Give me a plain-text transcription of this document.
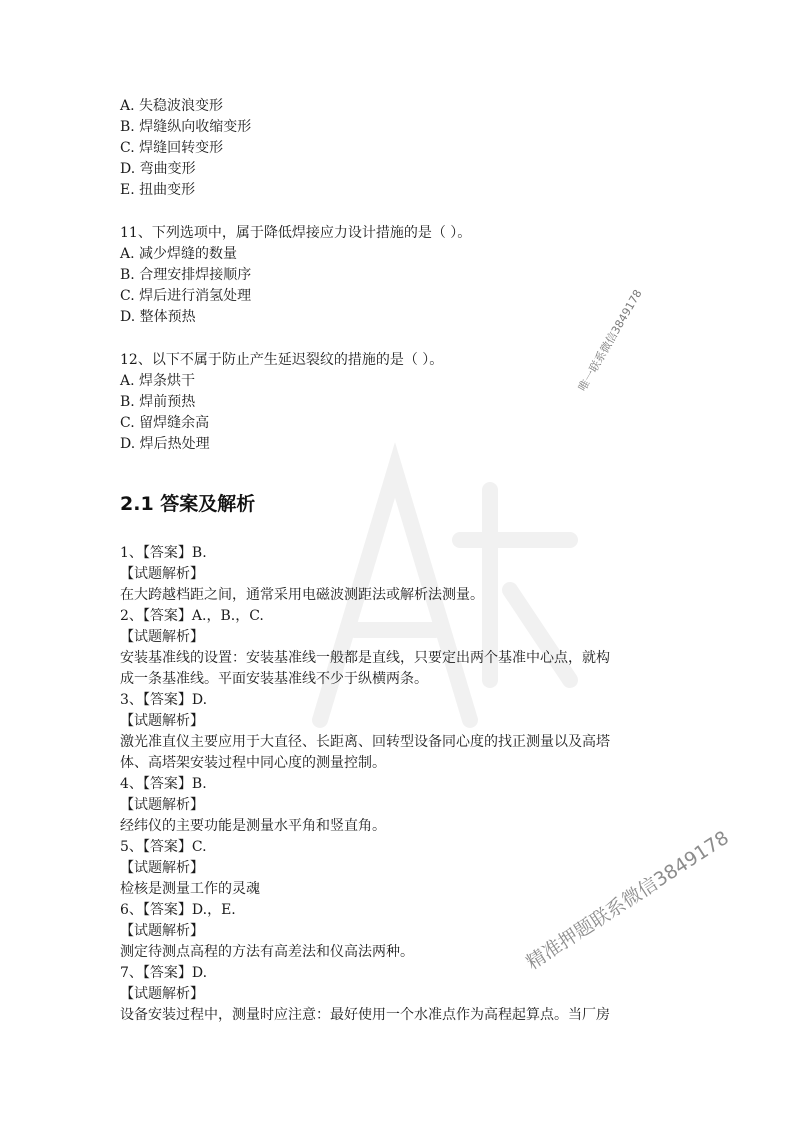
A. 失稳波浪变形
B. 焊缝纵向收缩变形
C. 焊缝回转变形
D. 弯曲变形
E. 扭曲变形
11、下列选项中，属于降低焊接应力设计措施的是（ ）。
A. 减少焊缝的数量
B. 合理安排焊接顺序
C. 焊后进行消氢处理
D. 整体预热
12、以下不属于防止产生延迟裂纹的措施的是（ ）。
A. 焊条烘干
B. 焊前预热
C. 留焊缝余高
D. 焊后热处理
2.1 答案及解析
1、【答案】B.
【试题解析】
在大跨越档距之间，通常采用电磁波测距法或解析法测量。
2、【答案】A.，B.，C.
【试题解析】
安装基准线的设置：安装基准线一般都是直线，只要定出两个基准中心点，就构
成一条基准线。平面安装基准线不少于纵横两条。
3、【答案】D.
【试题解析】
激光准直仪主要应用于大直径、长距离、回转型设备同心度的找正测量以及高塔
体、高塔架安装过程中同心度的测量控制。
4、【答案】B.
【试题解析】
经纬仪的主要功能是测量水平角和竖直角。
5、【答案】C.
【试题解析】
检核是测量工作的灵魂
6、【答案】D.，E.
【试题解析】
测定待测点高程的方法有高差法和仪高法两种。
7、【答案】D.
【试题解析】
设备安装过程中，测量时应注意：最好使用一个水准点作为高程起算点。当厂房
唯一联系微信3849178
精准押题联系微信3849178
